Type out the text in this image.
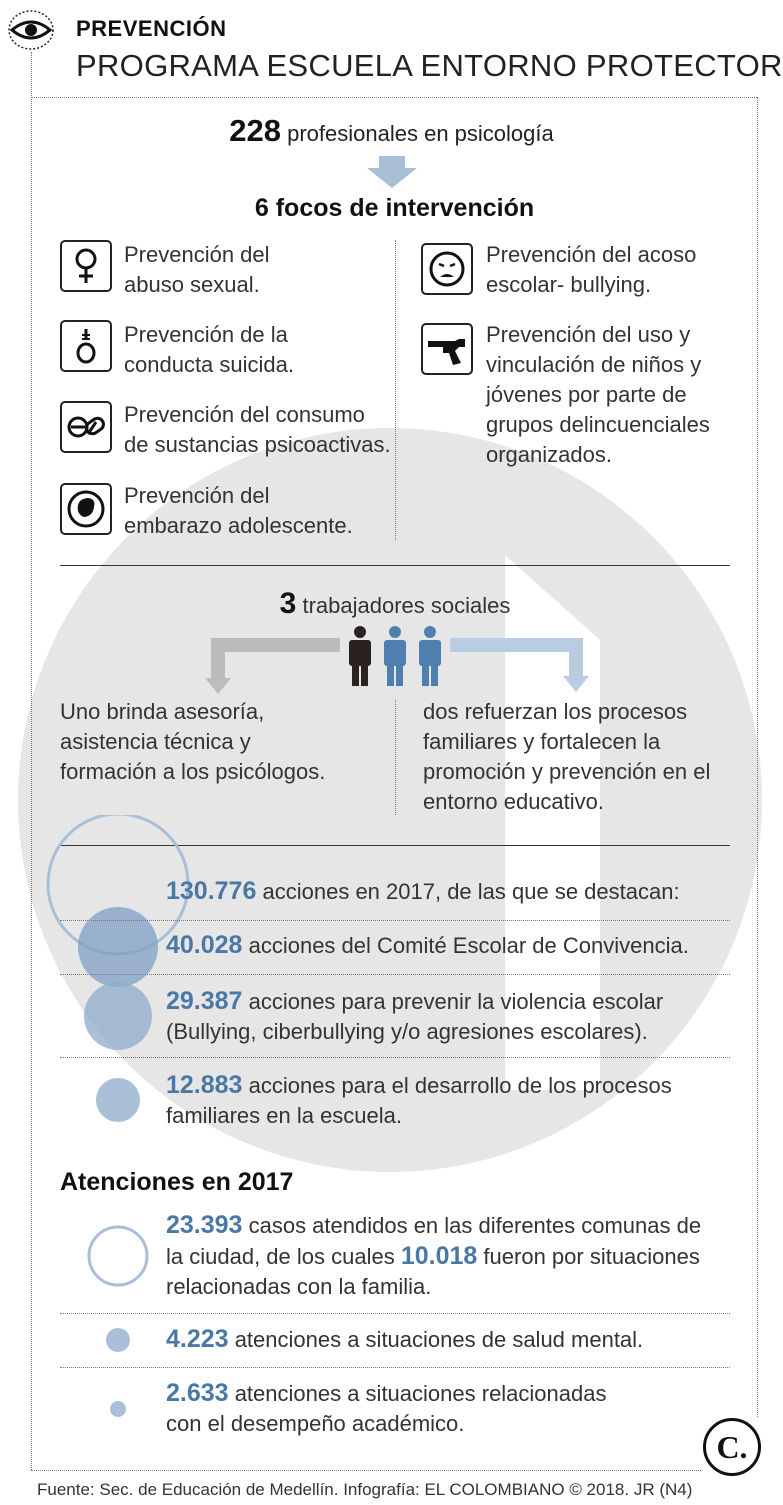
PREVENCIÓN
PROGRAMA ESCUELA ENTORNO PROTECTOR
228 profesionales en psicología
6 focos de intervención
Prevención del abuso sexual.
Prevención de la conducta suicida.
Prevención del consumo de sustancias psicoactivas.
Prevención del embarazo adolescente.
Prevención del acoso escolar- bullying.
Prevención del uso y vinculación de niños y jóvenes por parte de grupos delincuenciales organizados.
3 trabajadores sociales
Uno brinda asesoría, asistencia técnica y formación a los psicólogos.
dos refuerzan los procesos familiares y fortalecen la promoción y prevención en el entorno educativo.
130.776 acciones en 2017, de las que se destacan:
40.028 acciones del Comité Escolar de Convivencia.
29.387 acciones para prevenir la violencia escolar (Bullying, ciberbullying y/o agresiones escolares).
12.883 acciones para el desarrollo de los procesos familiares en la escuela.
Atenciones en 2017
23.393 casos atendidos en las diferentes comunas de la ciudad, de los cuales 10.018 fueron por situaciones relacionadas con la familia.
4.223 atenciones a situaciones de salud mental.
2.633 atenciones a situaciones relacionadas con el desempeño académico.
C.
Fuente: Sec. de Educación de Medellín. Infografía: EL COLOMBIANO © 2018. JR (N4)
